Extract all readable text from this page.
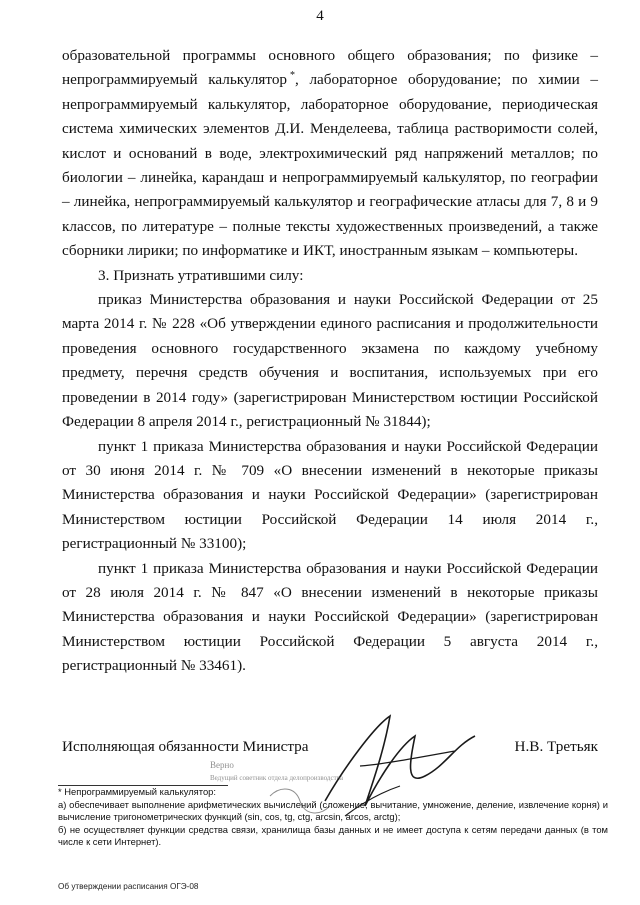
4

образовательной программы основного общего образования; по физике – непрограммируемый калькулятор *, лабораторное оборудование; по химии – непрограммируемый калькулятор, лабораторное оборудование, периодическая система химических элементов Д.И. Менделеева, таблица растворимости солей, кислот и оснований в воде, электрохимический ряд напряжений металлов; по биологии – линейка, карандаш и непрограммируемый калькулятор, по географии – линейка, непрограммируемый калькулятор и географические атласы для 7, 8 и 9 классов, по литературе – полные тексты художественных произведений, а также сборники лирики; по информатике и ИКТ, иностранным языкам – компьютеры.

3. Признать утратившими силу:

приказ Министерства образования и науки Российской Федерации от 25 марта 2014 г. № 228 «Об утверждении единого расписания и продолжительности проведения основного государственного экзамена по каждому учебному предмету, перечня средств обучения и воспитания, используемых при его проведении в 2014 году» (зарегистрирован Министерством юстиции Российской Федерации 8 апреля 2014 г., регистрационный № 31844);

пункт 1 приказа Министерства образования и науки Российской Федерации от 30 июня 2014 г. № 709 «О внесении изменений в некоторые приказы Министерства образования и науки Российской Федерации» (зарегистрирован Министерством юстиции Российской Федерации 14 июля 2014 г., регистрационный № 33100);

пункт 1 приказа Министерства образования и науки Российской Федерации от 28 июля 2014 г. № 847 «О внесении изменений в некоторые приказы Министерства образования и науки Российской Федерации» (зарегистрирован Министерством юстиции Российской Федерации 5 августа 2014 г., регистрационный № 33461).

Исполняющая обязанности Министра	Н.В. Третьяк
Верно
Ведущий советник отдела делопроизводства

* Непрограммируемый калькулятор:

а) обеспечивает выполнение арифметических вычислений (сложение, вычитание, умножение, деление, извлечение корня) и вычисление тригонометрических функций (sin, cos, tg, ctg, arcsin, arcos, arctg);

б) не осуществляет функции средства связи, хранилища базы данных и не имеет доступа к сетям передачи данных (в том числе к сети Интернет).

Об утверждении расписания ОГЭ-08
